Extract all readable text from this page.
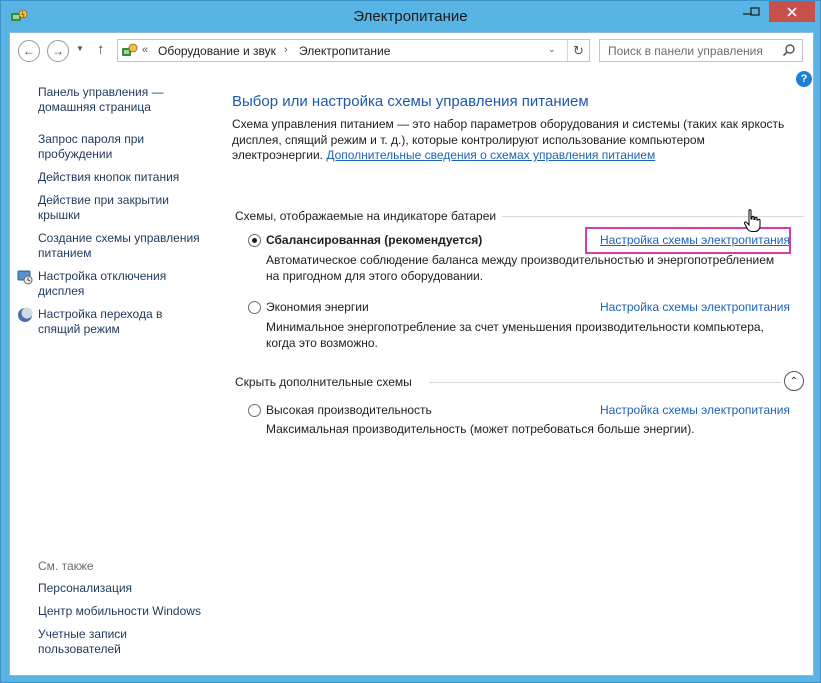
Электропитание
← → ▼ ↑	« Оборудование и звук › Электропитание	⌄ ↻
Поиск в панели управления
?
Панель управления —
домашняя страница
Запрос пароля при
пробуждении
Действия кнопок питания
Действие при закрытии
крышки
Создание схемы управления
питанием
Настройка отключения
дисплея
Настройка перехода в
спящий режим
См. также
Персонализация
Центр мобильности Windows
Учетные записи
пользователей
Выбор или настройка схемы управления питанием
Схема управления питанием — это набор параметров оборудования и системы (таких как яркость дисплея, спящий режим и т. д.), которые контролируют использование компьютером электроэнергии. Дополнительные сведения о схемах управления питанием
Схемы, отображаемые на индикаторе батареи
Сбалансированная (рекомендуется)	Настройка схемы электропитания
Автоматическое соблюдение баланса между производительностью и энергопотреблением на пригодном для этого оборудовании.
Экономия энергии	Настройка схемы электропитания
Минимальное энергопотребление за счет уменьшения производительности компьютера, когда это возможно.
Скрыть дополнительные схемы	⌃
Высокая производительность	Настройка схемы электропитания
Максимальная производительность (может потребоваться больше энергии).
